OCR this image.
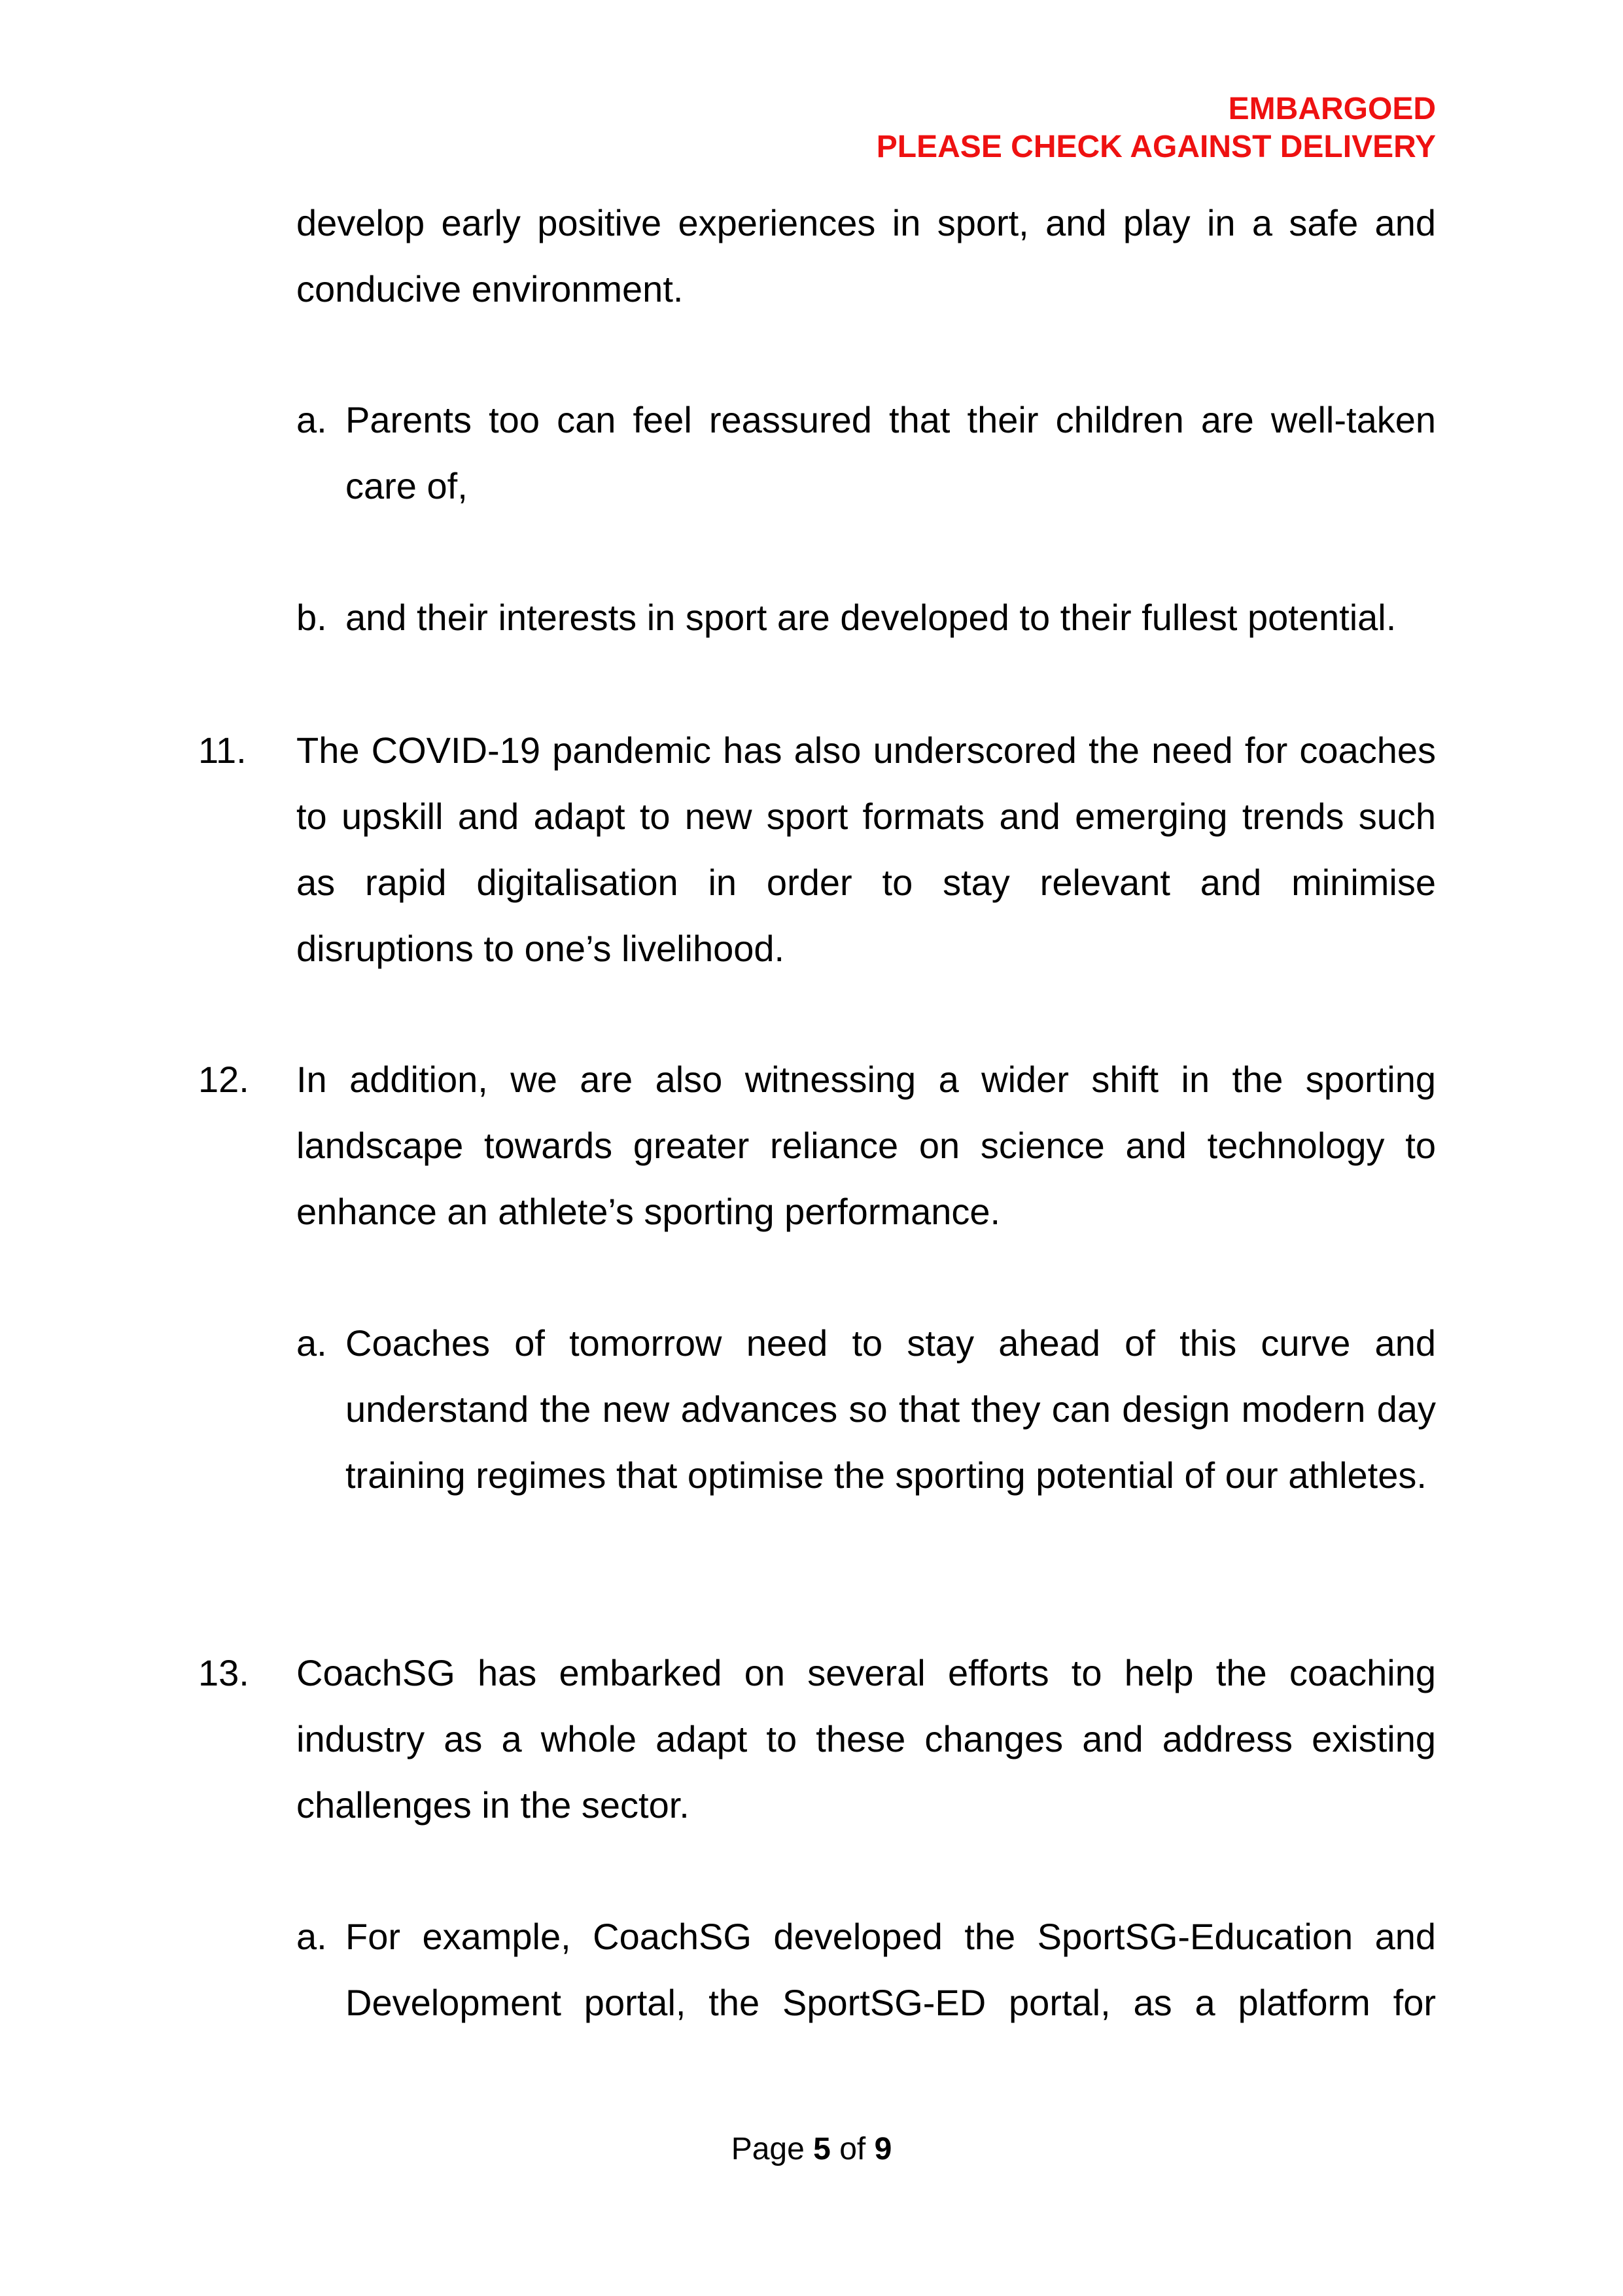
EMBARGOED
PLEASE CHECK AGAINST DELIVERY
develop early positive experiences in sport, and play in a safe and conducive environment.
a. Parents too can feel reassured that their children are well-taken care of,
b. and their interests in sport are developed to their fullest potential.
11. The COVID-19 pandemic has also underscored the need for coaches to upskill and adapt to new sport formats and emerging trends such as rapid digitalisation in order to stay relevant and minimise disruptions to one’s livelihood.
12. In addition, we are also witnessing a wider shift in the sporting landscape towards greater reliance on science and technology to enhance an athlete’s sporting performance.
a. Coaches of tomorrow need to stay ahead of this curve and understand the new advances so that they can design modern day training regimes that optimise the sporting potential of our athletes.
13. CoachSG has embarked on several efforts to help the coaching industry as a whole adapt to these changes and address existing challenges in the sector.
a. For example, CoachSG developed the SportSG-Education and Development portal, the SportSG-ED portal, as a platform for
Page 5 of 9
